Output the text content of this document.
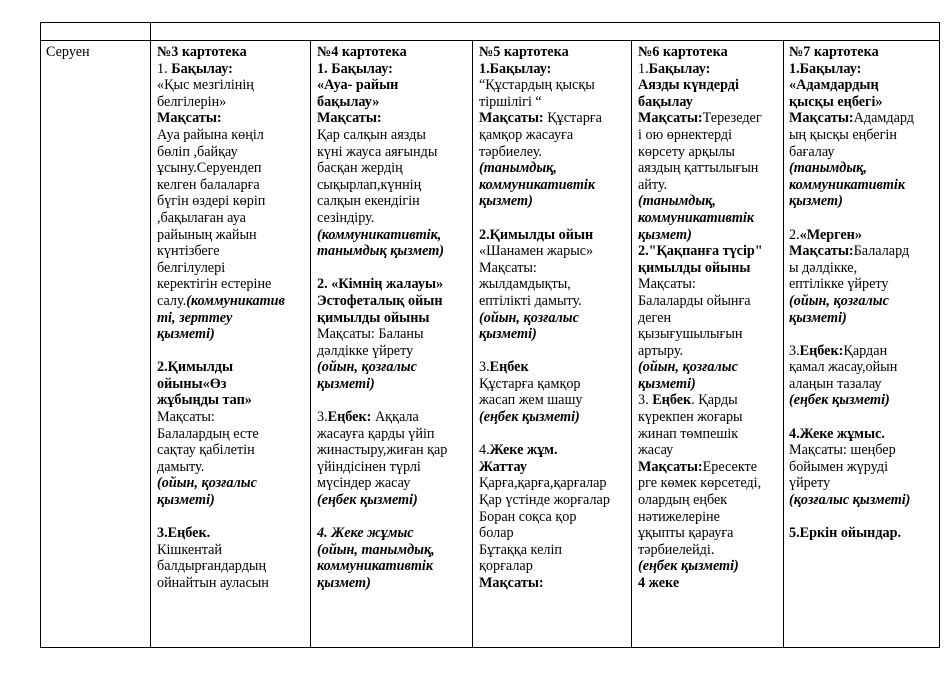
Серуен	№3 картотека
1. Бақылау:
«Қыс мезгілінің
белгілерін»
Мақсаты:
Ауа райына көңіл
бөліп ,байқау
ұсыну.Серуендеп
келген балаларға
бүгін өздері көріп
,бақылаған ауа
райының жайын
күнтізбеге
белгілулері
керектігін естеріне
салу.(коммуникатив
ті, зерттеу
қызметі)
2.Қимылды
ойыны«Өз
жұбыңды тап»
Мақсаты:
Балалардың есте
сақтау қабілетін
дамыту.
(ойын, қозғалыс
қызметі)
3.Еңбек.
Кішкентай
балдырғандардың
ойнайтын ауласын
№4 картотека
1. Бақылау:
«Ауа- райын
бақылау»
Мақсаты:
Қар салқын аязды
күні жауса аяғынды
басқан жердің
сықырлап,күннің
салқын екендігін
сезіндіру.
(коммуникативтік,
танымдық қызмет)
2. «Кімнің жалауы»
Эстофеталық ойын
қимылды ойыны
Мақсаты: Баланы
дәлдікке үйрету
(ойын, қозғалыс
қызметі)
3.Еңбек: Аққала
жасауға қарды үйіп
жинастыру,жиған қар
үйіндісінен түрлі
мүсіндер жасау
(еңбек қызметі)
4. Жеке жұмыс
(ойын, танымдық,
коммуникативтік
қызмет)
№5 картотека
1.Бақылау:
“Құстардың қысқы
тіршілігі “
Мақсаты: Құстарға
қамқор жасауға
тәрбиелеу.
(танымдық,
коммуникативтік
қызмет)
2.Қимылды ойын
«Шанамен жарыс»
Мақсаты:
жылдамдықты,
ептілікті дамыту.
(ойын, қозғалыс
қызметі)
3.Еңбек
Құстарға қамқор
жасап жем шашу
(еңбек қызметі)
4.Жеке жұм.
Жаттау
Қарға,қарға,қарғалар
Қар үстінде жорғалар
Боран соқса қор
болар
Бұтаққа келіп
қорғалар
Мақсаты:
№6 картотека
1.Бақылау:
Аязды күндерді
бақылау
Мақсаты:Терезедег
і ою өрнектерді
көрсету арқылы
аяздың қаттылығын
айту.
(танымдық,
коммуникативтік
қызмет)
2."Қақпанға түсір"
қимылды ойыны
Мақсаты:
Балаларды ойынға
деген
қызығушылығын
артыру.
(ойын, қозғалыс
қызметі)
3. Еңбек. Қарды
күрекпен жоғары
жинап төмпешік
жасау
Мақсаты:Ересекте
рге көмек көрсетеді,
олардың еңбек
нәтижелеріне
ұқыпты қарауға
тәрбиелейді.
(еңбек қызметі)
4 жеке
№7 картотека
1.Бақылау:
«Адамдардың
қысқы еңбегі»
Мақсаты:Адамдард
ың қысқы еңбегін
бағалау
(танымдық,
коммуникативтік
қызмет)
2.«Мерген»
Мақсаты:Балалард
ы дәлдікке,
ептілікке үйрету
(ойын, қозғалыс
қызметі)
3.Еңбек:Қардан
қамал жасау,ойын
алаңын тазалау
(еңбек қызметі)
4.Жеке жұмыс.
Мақсаты: шеңбер
бойымен жүруді
үйрету
(қозғалыс қызметі)
5.Еркін ойындар.
